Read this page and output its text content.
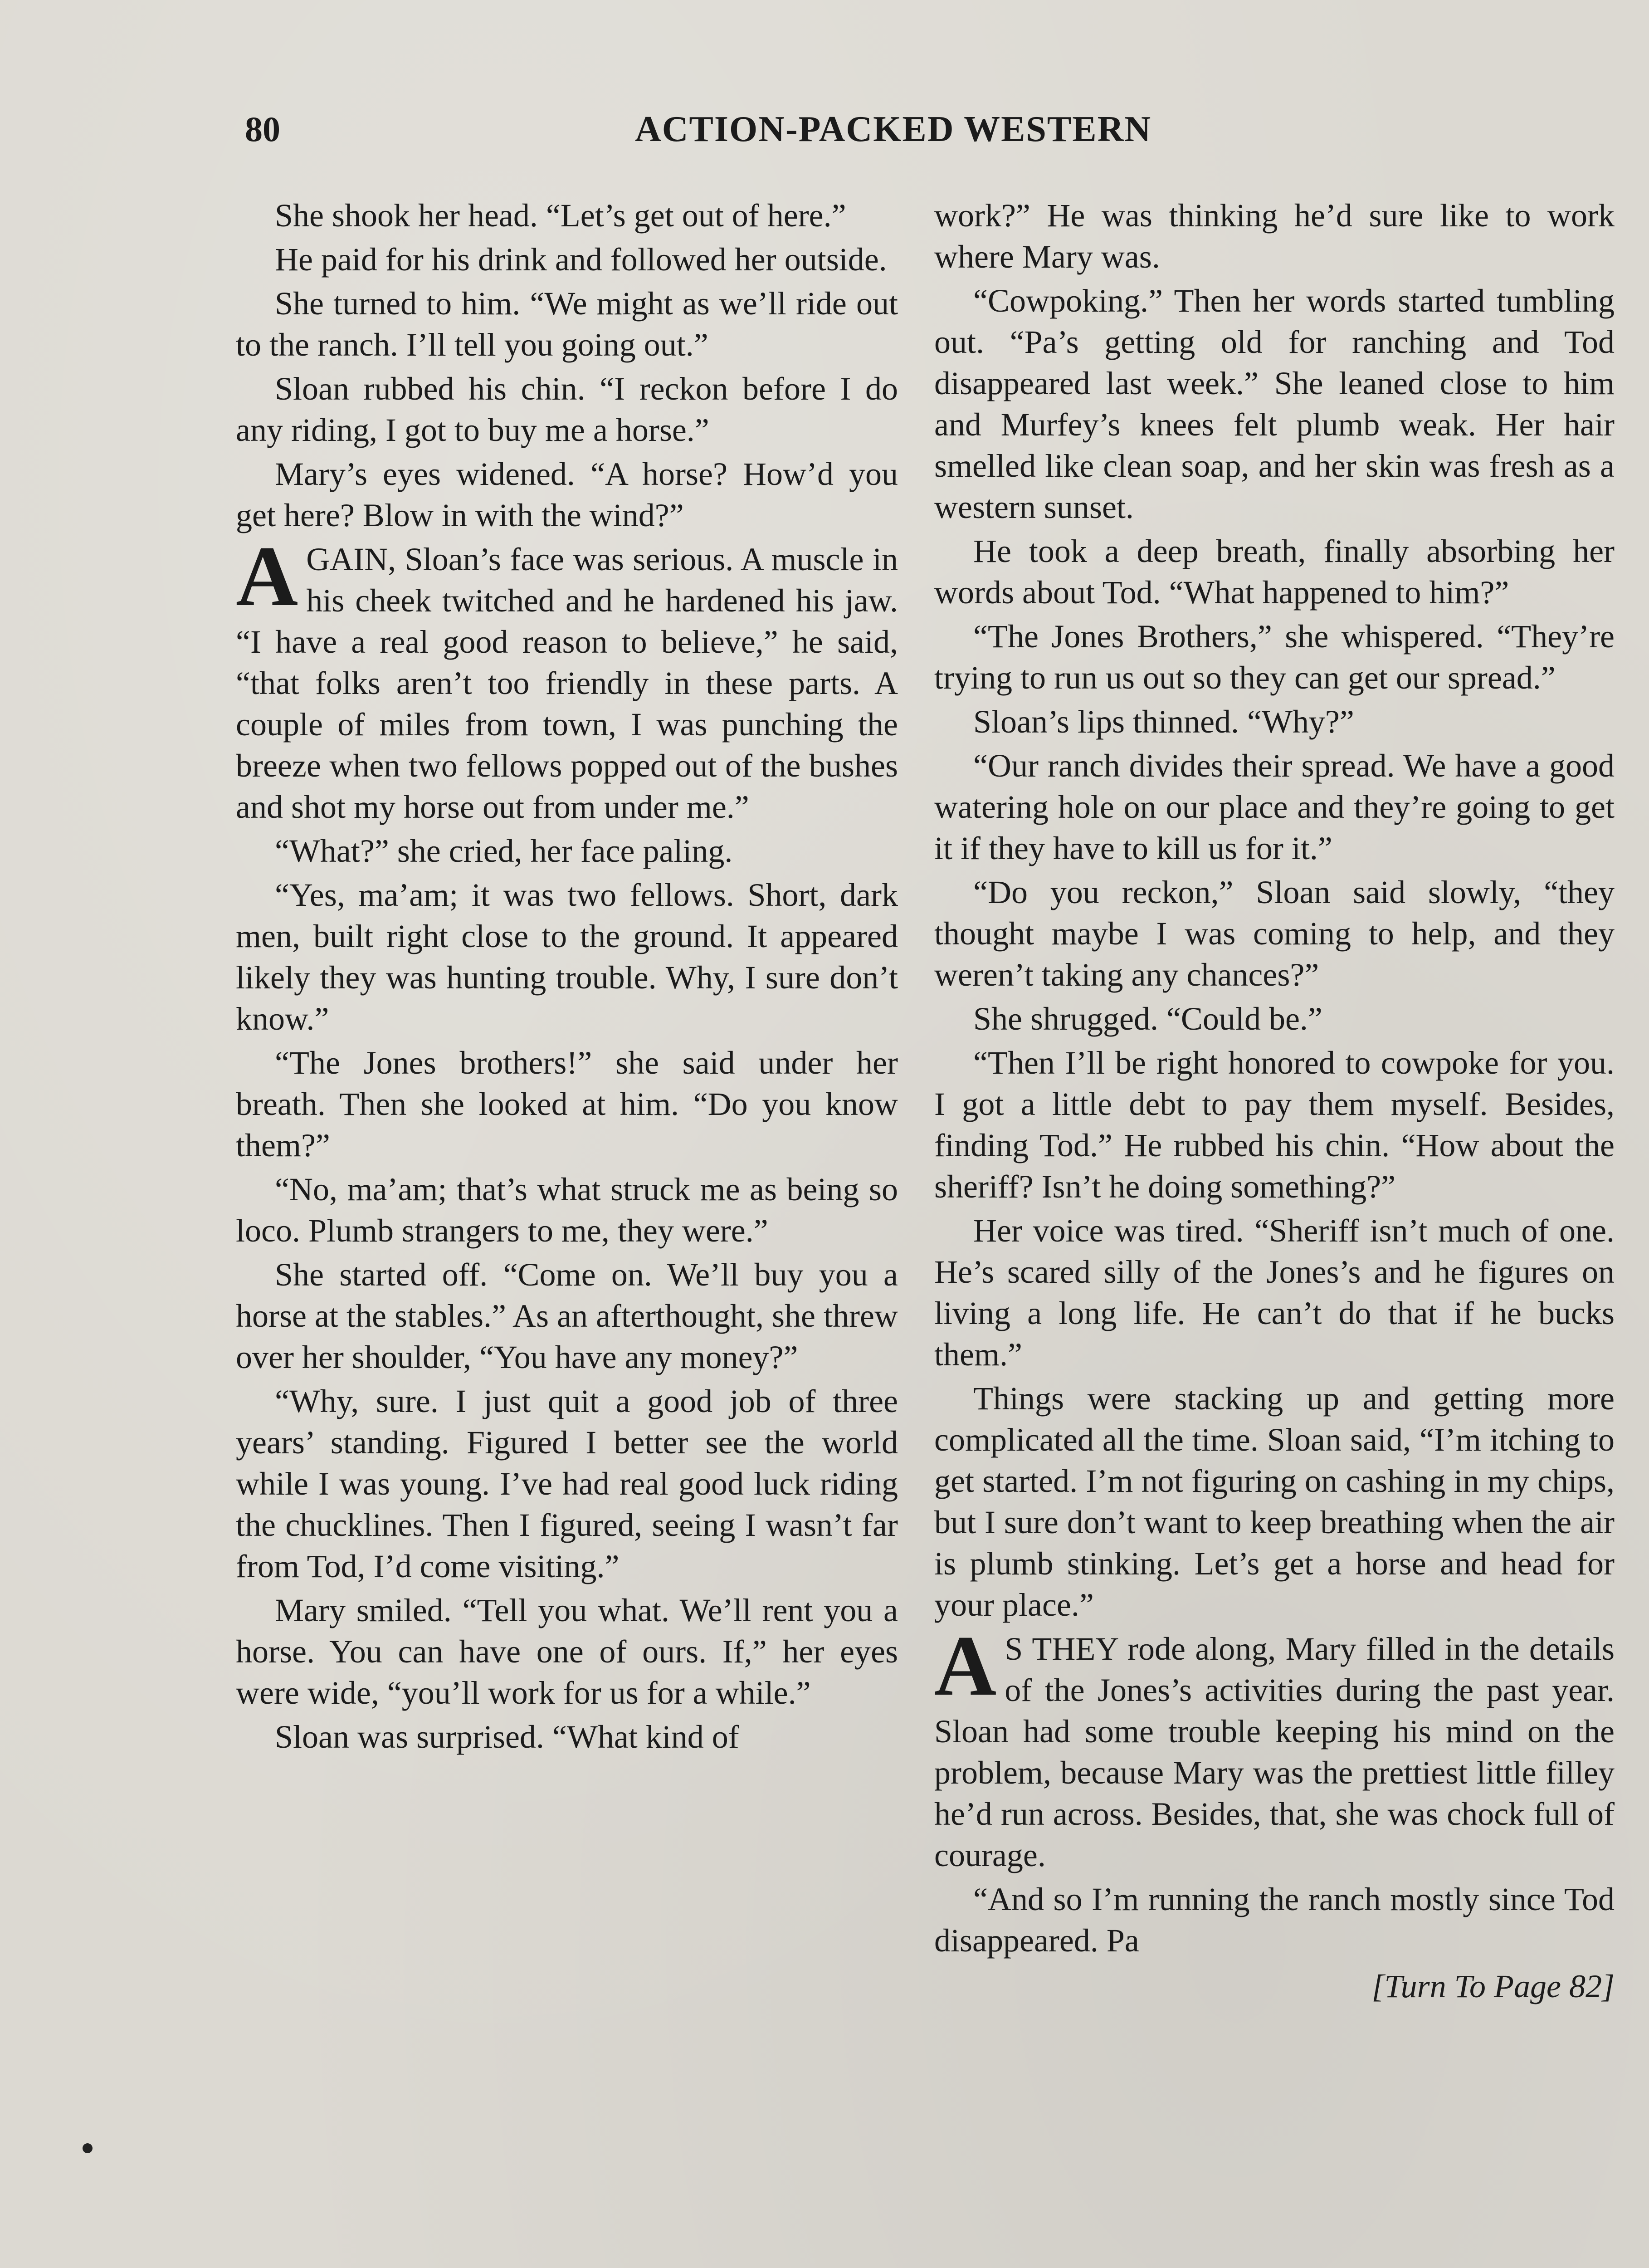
80	ACTION-PACKED WESTERN

She shook her head. “Let’s get out of here.”

He paid for his drink and followed her outside.

She turned to him. “We might as we’ll ride out to the ranch. I’ll tell you going out.”

Sloan rubbed his chin. “I reckon before I do any riding, I got to buy me a horse.”

Mary’s eyes widened. “A horse? How’d you get here? Blow in with the wind?”

AGAIN, Sloan’s face was serious. A muscle in his cheek twitched and he hardened his jaw. “I have a real good reason to believe,” he said, “that folks aren’t too friendly in these parts. A couple of miles from town, I was punching the breeze when two fellows popped out of the bushes and shot my horse out from under me.”

“What?” she cried, her face paling.

“Yes, ma’am; it was two fellows. Short, dark men, built right close to the ground. It appeared likely they was hunting trouble. Why, I sure don’t know.”

“The Jones brothers!” she said under her breath. Then she looked at him. “Do you know them?”

“No, ma’am; that’s what struck me as being so loco. Plumb strangers to me, they were.”

She started off. “Come on. We’ll buy you a horse at the stables.” As an afterthought, she threw over her shoulder, “You have any money?”

“Why, sure. I just quit a good job of three years’ standing. Figured I better see the world while I was young. I’ve had real good luck riding the chucklines. Then I figured, seeing I wasn’t far from Tod, I’d come visiting.”

Mary smiled. “Tell you what. We’ll rent you a horse. You can have one of ours. If,” her eyes were wide, “you’ll work for us for a while.”

Sloan was surprised. “What kind of

work?” He was thinking he’d sure like to work where Mary was.

“Cowpoking.” Then her words started tumbling out. “Pa’s getting old for ranching and Tod disappeared last week.” She leaned close to him and Murfey’s knees felt plumb weak. Her hair smelled like clean soap, and her skin was fresh as a western sunset.

He took a deep breath, finally absorbing her words about Tod. “What happened to him?”

“The Jones Brothers,” she whispered. “They’re trying to run us out so they can get our spread.”

Sloan’s lips thinned. “Why?”

“Our ranch divides their spread. We have a good watering hole on our place and they’re going to get it if they have to kill us for it.”

“Do you reckon,” Sloan said slowly, “they thought maybe I was coming to help, and they weren’t taking any chances?”

She shrugged. “Could be.”

“Then I’ll be right honored to cowpoke for you. I got a little debt to pay them myself. Besides, finding Tod.” He rubbed his chin. “How about the sheriff? Isn’t he doing something?”

Her voice was tired. “Sheriff isn’t much of one. He’s scared silly of the Jones’s and he figures on living a long life. He can’t do that if he bucks them.”

Things were stacking up and getting more complicated all the time. Sloan said, “I’m itching to get started. I’m not figuring on cashing in my chips, but I sure don’t want to keep breathing when the air is plumb stinking. Let’s get a horse and head for your place.”

A S THEY rode along, Mary filled in the details of the Jones’s activities during the past year. Sloan had some trouble keeping his mind on the problem, because Mary was the prettiest little filley he’d run across. Besides, that, she was chock full of courage.

“And so I’m running the ranch mostly since Tod disappeared. Pa

[Turn To Page 82]
